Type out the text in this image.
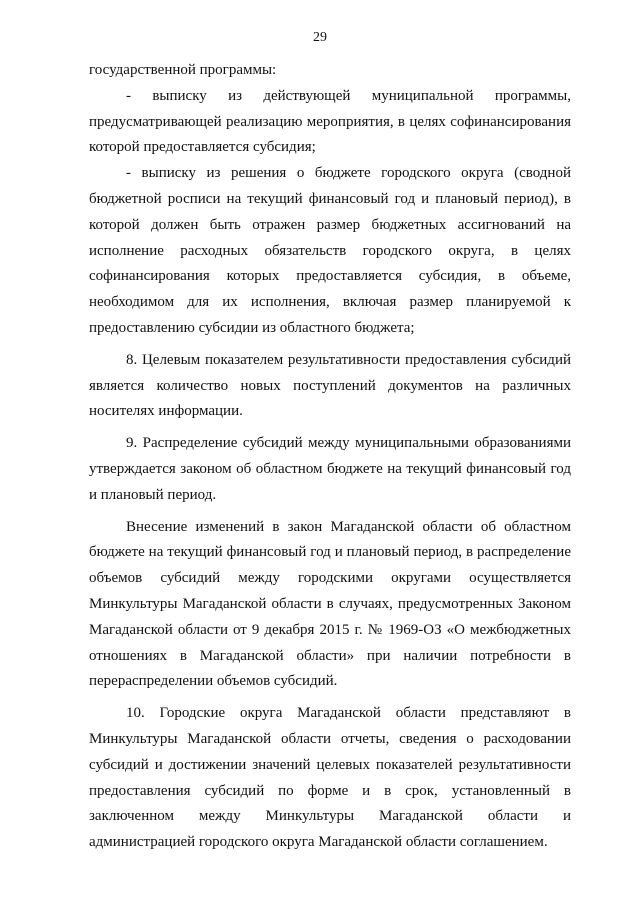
29

государственной программы:

- выписку из действующей муниципальной программы, предусматривающей реализацию мероприятия, в целях софинансирования которой предоставляется субсидия;

- выписку из решения о бюджете городского округа (сводной бюджетной росписи на текущий финансовый год и плановый период), в которой должен быть отражен размер бюджетных ассигнований на исполнение расходных обязательств городского округа, в целях софинансирования которых предоставляется субсидия, в объеме, необходимом для их исполнения, включая размер планируемой к предоставлению субсидии из областного бюджета;

8. Целевым показателем результативности предоставления субсидий является количество новых поступлений документов на различных носителях информации.

9. Распределение субсидий между муниципальными образованиями утверждается законом об областном бюджете на текущий финансовый год и плановый период.

Внесение изменений в закон Магаданской области об областном бюджете на текущий финансовый год и плановый период, в распределение объемов субсидий между городскими округами осуществляется Минкультуры Магаданской области в случаях, предусмотренных Законом Магаданской области от 9 декабря 2015 г. № 1969-ОЗ «О межбюджетных отношениях в Магаданской области» при наличии потребности в перераспределении объемов субсидий.

10. Городские округа Магаданской области представляют в Минкультуры Магаданской области отчеты, сведения о расходовании субсидий и достижении значений целевых показателей результативности предоставления субсидий по форме и в срок, установленный в заключенном между Минкультуры Магаданской области и администрацией городского округа Магаданской области соглашением.
